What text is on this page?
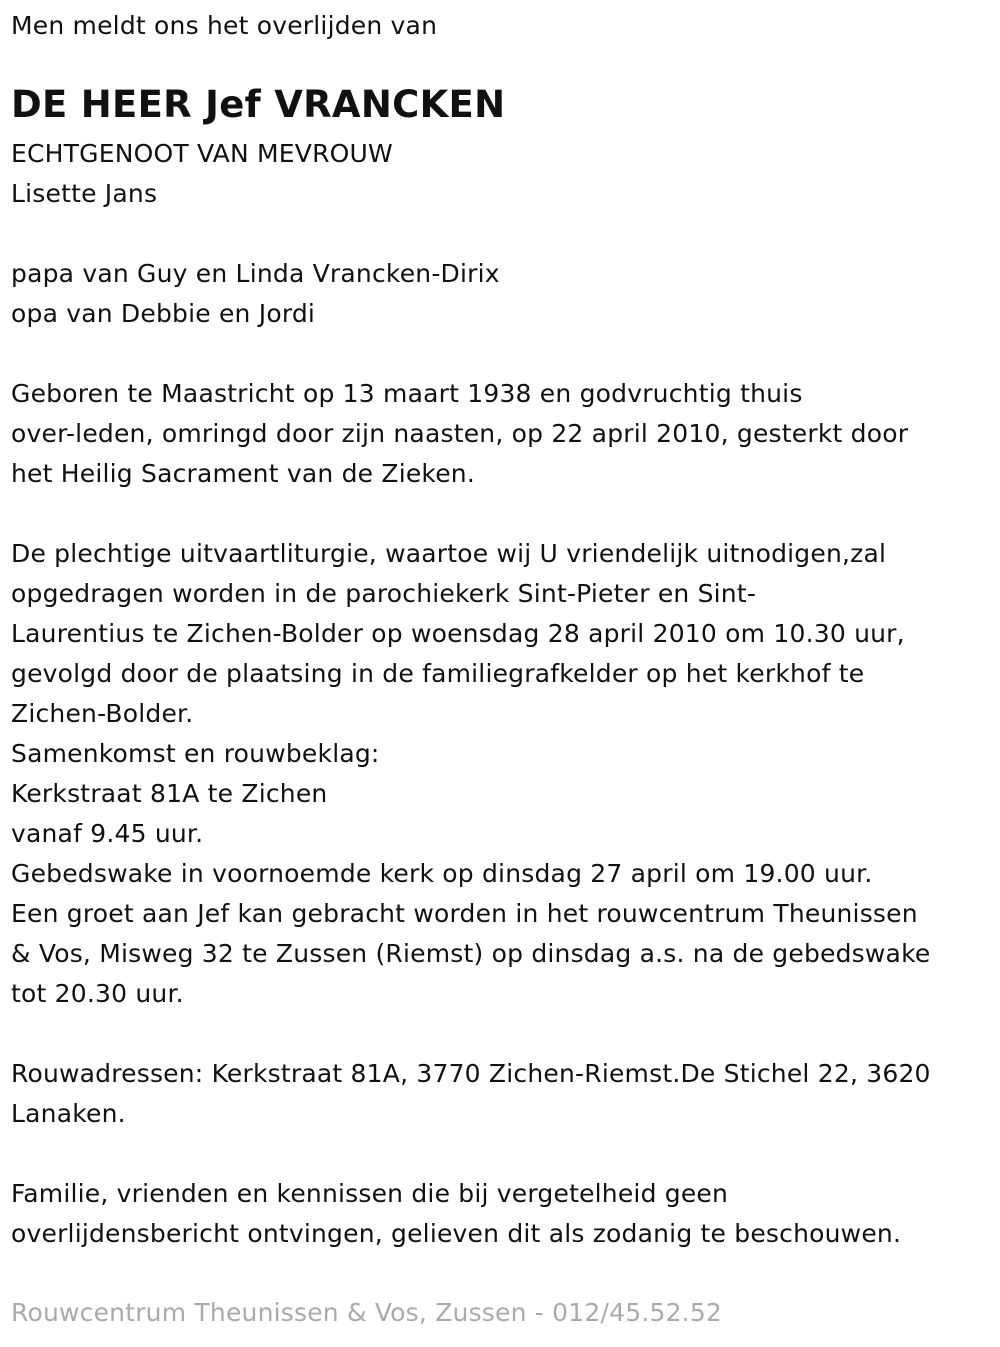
Men meldt ons het overlijden van
DE HEER Jef VRANCKEN
ECHTGENOOT VAN MEVROUW
Lisette Jans
papa van Guy en Linda Vrancken-Dirix
opa van Debbie en Jordi
Geboren te Maastricht op 13 maart 1938 en godvruchtig thuis
over-leden, omringd door zijn naasten, op 22 april 2010, gesterkt door
het Heilig Sacrament van de Zieken.
De plechtige uitvaartliturgie, waartoe wij U vriendelijk uitnodigen,zal
opgedragen worden in de parochiekerk Sint-Pieter en Sint-
Laurentius te Zichen-Bolder op woensdag 28 april 2010 om 10.30 uur,
gevolgd door de plaatsing in de familiegrafkelder op het kerkhof te
Zichen-Bolder.
Samenkomst en rouwbeklag:
Kerkstraat 81A te Zichen
vanaf 9.45 uur.
Gebedswake in voornoemde kerk op dinsdag 27 april om 19.00 uur.
Een groet aan Jef kan gebracht worden in het rouwcentrum Theunissen
& Vos, Misweg 32 te Zussen (Riemst) op dinsdag a.s. na de gebedswake
tot 20.30 uur.
Rouwadressen: Kerkstraat 81A, 3770 Zichen-Riemst.De Stichel 22, 3620
Lanaken.
Familie, vrienden en kennissen die bij vergetelheid geen
overlijdensbericht ontvingen, gelieven dit als zodanig te beschouwen.
Rouwcentrum Theunissen & Vos, Zussen - 012/45.52.52
